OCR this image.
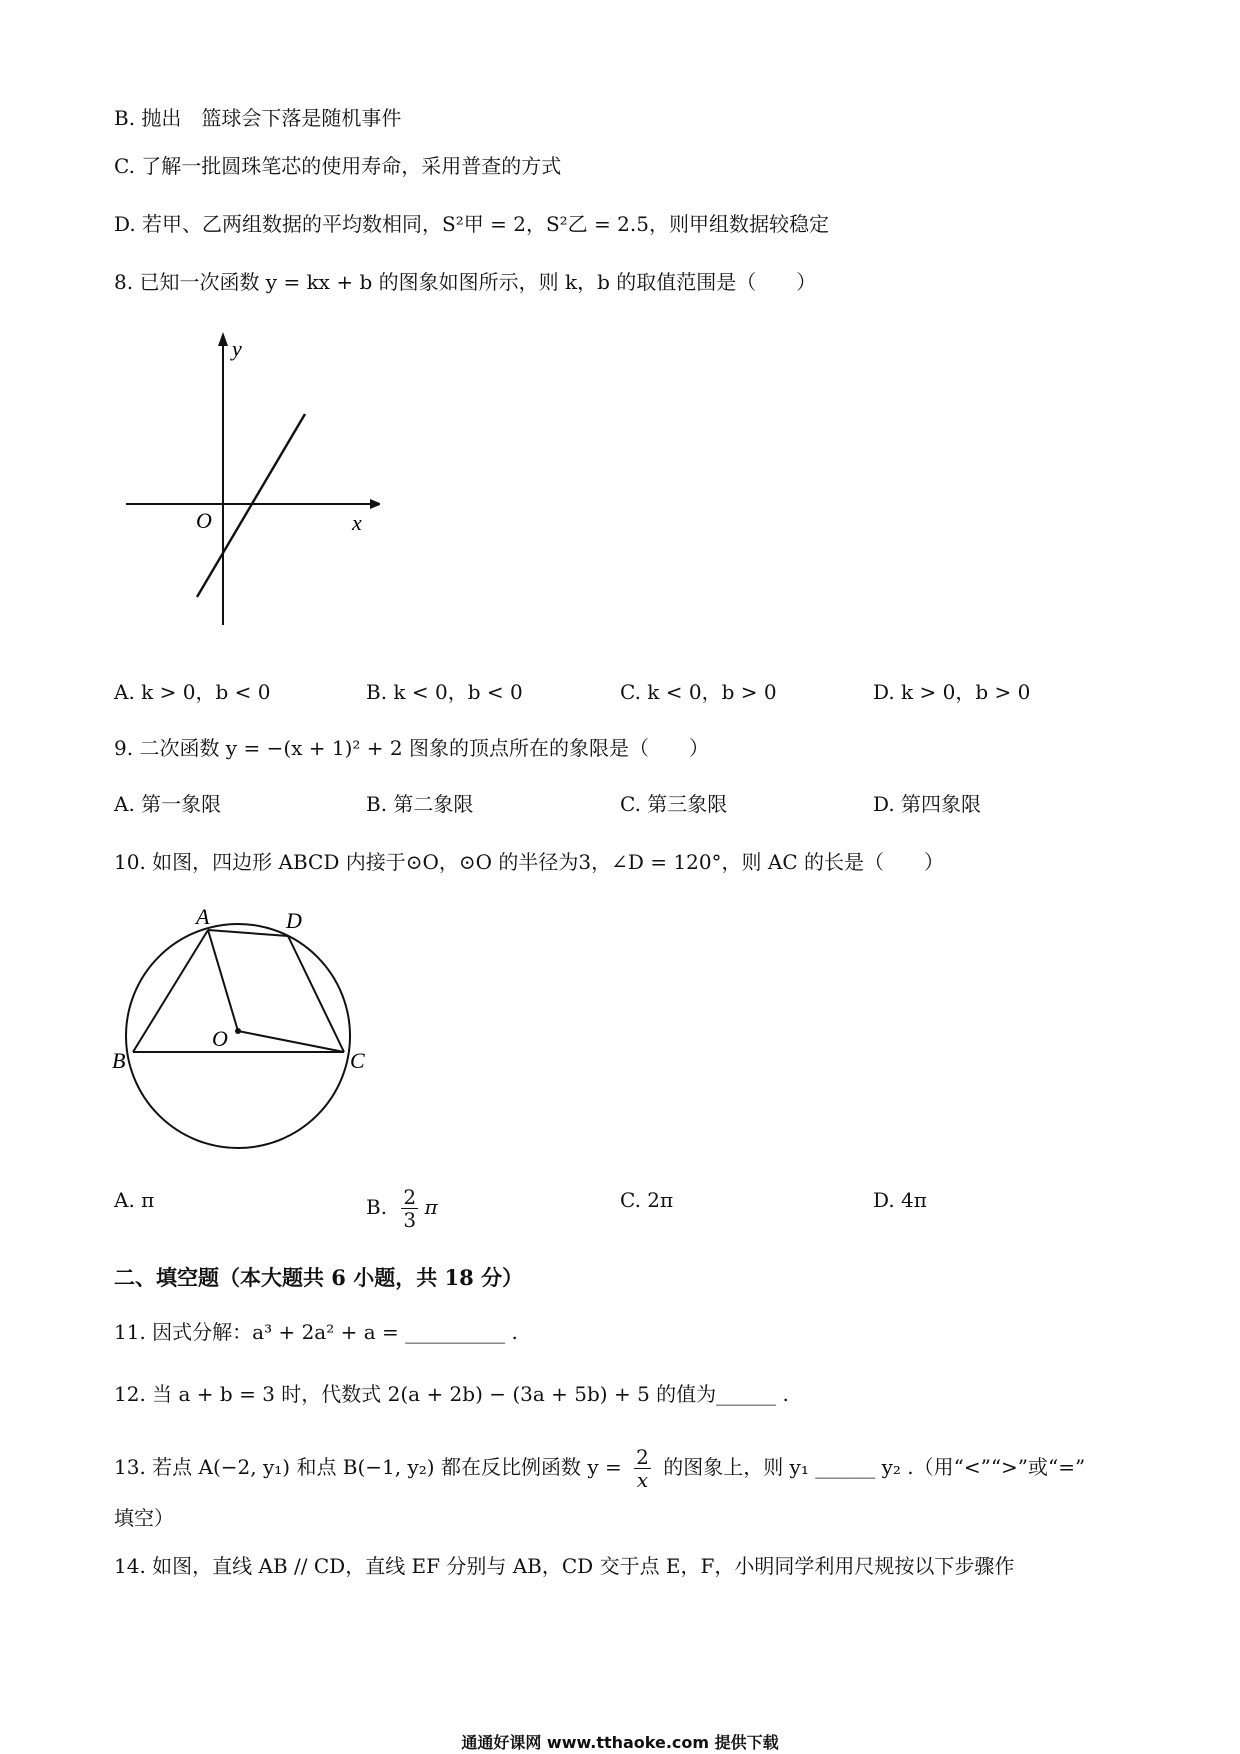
B. 抛出　篮球会下落是随机事件
C. 了解一批圆珠笔芯的使用寿命，采用普查的方式
D. 若甲、乙两组数据的平均数相同，S²甲 = 2，S²乙 = 2.5，则甲组数据较稳定
8. 已知一次函数 y = kx + b 的图象如图所示，则 k，b 的取值范围是（　　）
y
x
O
A. k > 0，b < 0	B. k < 0，b < 0	C. k < 0，b > 0	D. k > 0，b > 0
9. 二次函数 y = −(x + 1)² + 2 图象的顶点所在的象限是（　　）
A. 第一象限	B. 第二象限	C. 第三象限	D. 第四象限
10. 如图，四边形 ABCD 内接于⊙O，⊙O 的半径为3，∠D = 120°，则 AC 的长是（　　）
A	D
B	C
O
A. π	B. $\frac{2}{3}$ π	C. 2π	D. 4π
二、填空题（本大题共 6 小题，共 18 分）
11. 因式分解：a³ + 2a² + a = __________ .
12. 当 a + b = 3 时，代数式 2(a + 2b) − (3a + 5b) + 5 的值为______ .
13. 若点 A(−2, y₁) 和点 B(−1, y₂) 都在反比例函数 $y = \frac{2}{x}$ 的图象上，则 y₁ ______ y₂ .（用“<”“>”或“=”
填空）
14. 如图，直线 AB // CD，直线 EF 分别与 AB，CD 交于点 E，F，小明同学利用尺规按以下步骤作
通通好课网 www.tthaoke.com 提供下载
